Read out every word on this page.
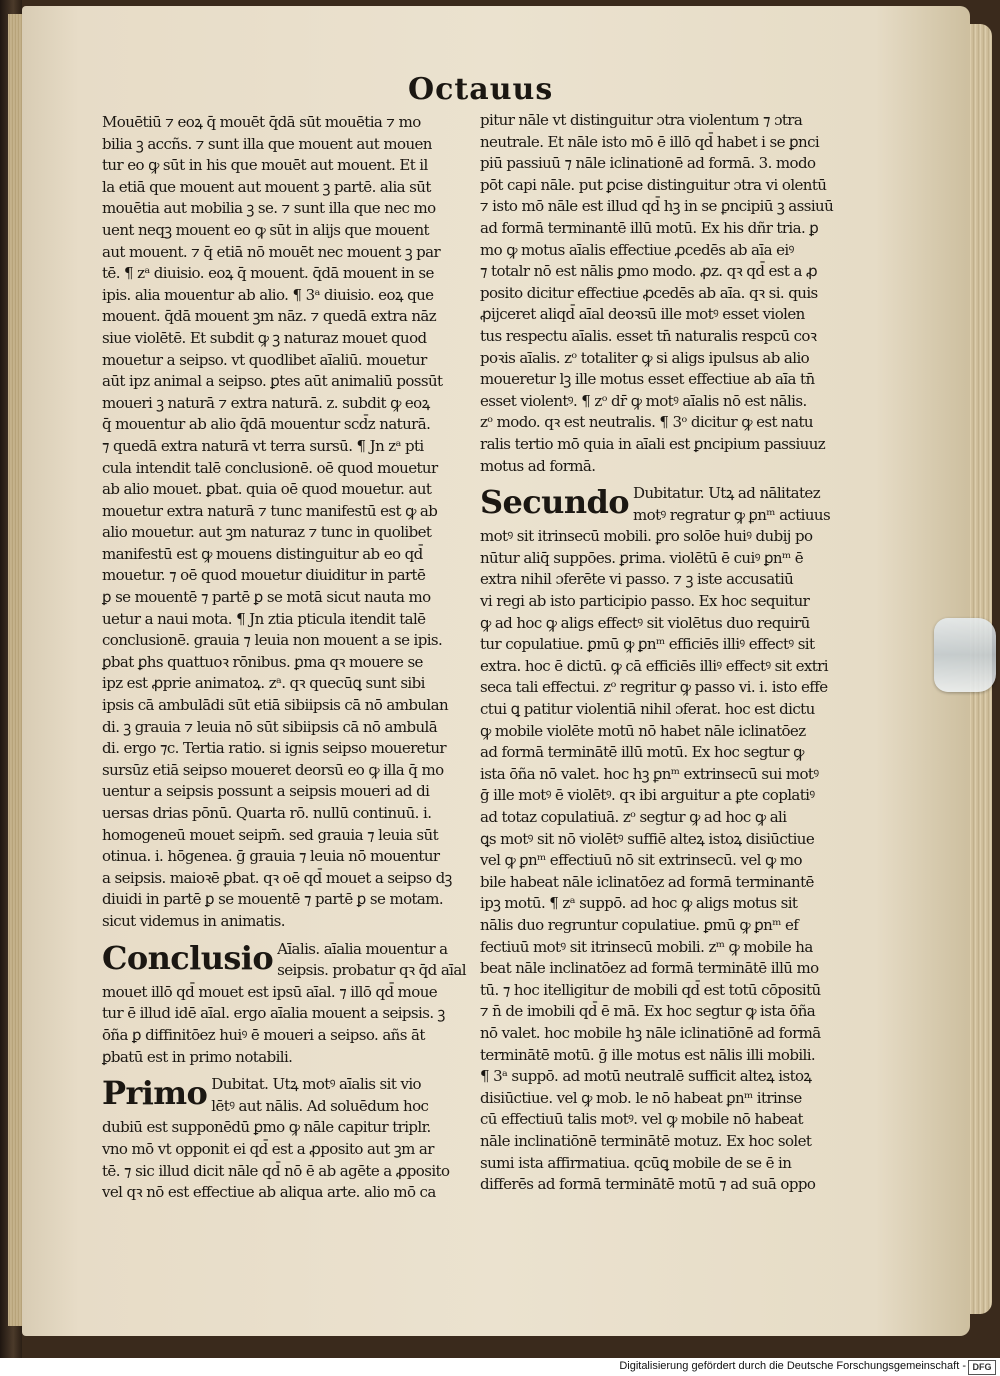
Octauus
Mouētiū ⁊ eoꝝ q̄ mouēt q̄dā sūt mouētia ⁊ mo
bilia ꝫ accñs. ⁊ sunt illa que mouent aut mouen
tur eo ꝙ sūt in his que mouēt aut mouent. Et il
la etiā que mouent aut mouent ꝫ partē. alia sūt
mouētia aut mobilia ꝫ se. ⁊ sunt illa que nec mo
uent neqꝫ mouent eo ꝙ sūt in alijs que mouent
aut mouent. ⁊ q̄ etiā nō mouēt nec mouent ꝫ par
tē. ¶ zᵃ diuisio. eoꝝ q̄ mouent. q̄dā mouent in se
ipis. alia mouentur ab alio. ¶ 3ᵃ diuisio. eoꝝ que
mouent. q̄dā mouent ꝫm nāz. ⁊ quedā extra nāz
siue violētē. Et subdit ꝙ ꝫ naturaz mouet quod
mouetur a seipso. vt quodlibet aīaliū. mouetur
aūt ipz animal a seipso. ꝑtes aūt animaliū possūt
moueri ꝫ naturā ⁊ extra naturā. z. subdit ꝙ eoꝝ
q̄ mouentur ab alio q̄dā mouentur scd̄z naturā.
⁊ quedā extra naturā vt terra sursū. ¶ Jn zᵃ pti
cula intendit talē conclusionē. oē quod mouetur
ab alio mouet. ꝑbat. quia oē quod mouetur. aut
mouetur extra naturā ⁊ tunc manifestū est ꝙ ab
alio mouetur. aut ꝫm naturaz ⁊ tunc in quolibet
manifestū est ꝙ mouens distinguitur ab eo qd̄
mouetur. ⁊ oē quod mouetur diuiditur in partē
ꝑ se mouentē ⁊ partē ꝑ se motā sicut nauta mo
uetur a naui mota. ¶ Jn ztia pticula itendit talē
conclusionē. grauia ⁊ leuia non mouent a se ipis.
ꝑbat ꝑhs quattuoꝛ rōnibus. ꝑma qꝛ mouere se
ipz est ꝓprie animatoꝝ. zᵃ. qꝛ quecūꝗ sunt sibi
ipsis cā ambulādi sūt etiā sibiipsis cā nō ambulan
di. ꝫ grauia ⁊ leuia nō sūt sibiipsis cā nō ambulā
di. ergo ⁊c. Tertia ratio. si ignis seipso moueretur
sursūz etiā seipso moueret deorsū eo ꝙ illa q̄ mo
uentur a seipsis possunt a seipsis moueri ad di
uersas drias pōnū. Quarta rō. nullū continuū. i.
homogeneū mouet seipm̄. sed grauia ⁊ leuia sūt
otinua. i. hōgenea. ḡ grauia ⁊ leuia nō mouentur
a seipsis. maioꝛē ꝑbat. qꝛ oē qd̄ mouet a seipso dꝫ
diuidi in partē ꝑ se mouentē ⁊ partē ꝑ se motam.
sicut videmus in animatis.
Conclusio Aīalis. aīalia mouentur a
seipsis. probatur qꝛ q̄d aīal
mouet illō qd̄ mouet est ipsū aīal. ⁊ illō qd̄ moue
tur ē illud idē aīal. ergo aīalia mouent a seipsis. ꝫ
ōña ꝑ diffinitōez huiꝰ ē moueri a seipso. añs āt
ꝑbatū est in primo notabili.
Primo Dubitat. Utꝝ motꝰ aīalis sit vio
lētꝰ aut nālis. Ad soluēdum hoc
dubiū est supponēdū ꝑmo ꝙ nāle capitur triplr.
vno mō vt opponit ei qd̄ est a ꝓposito aut ꝫm ar
tē. ⁊ sic illud dicit nāle qd̄ nō ē ab agēte a ꝓposito
vel qꝛ nō est effectiue ab aliqua arte. alio mō ca
pitur nāle vt distinguitur ɔtra violentum ⁊ ɔtra
neutrale. Et nāle isto mō ē illō qd̄ habet i se ꝑnci
piū passiuū ⁊ nāle iclinationē ad formā. 3. modo
pōt capi nāle. put ꝑcise distinguitur ɔtra vi olentū
⁊ isto mō nāle est illud qd̄ hꝫ in se ꝑncipiū ꝫ assiuū
ad formā terminantē illū motū. Ex his dñr tria. ꝑ
mo ꝙ motus aīalis effectiue ꝓcedēs ab aīa eiꝰ
⁊ totalr nō est nālis ꝑmo modo. ꝓz. qꝛ qd̄ est a ꝓ
posito dicitur effectiue ꝓcedēs ab aīa. qꝛ si. quis
ꝓijceret aliqd̄ aīal deoꝛsū ille motꝰ esset violen
tus respectu aīalis. esset tn̄ naturalis respcū coꝛ
poꝛis aīalis. zᵒ totaliter ꝙ si aligs ipulsus ab alio
moueretur lꝫ ille motus esset effectiue ab aīa tn̄
esset violentꝰ. ¶ zᵒ dr̄ ꝙ motꝰ aīalis nō est nālis.
zᵒ modo. qꝛ est neutralis. ¶ 3ᵒ dicitur ꝙ est natu
ralis tertio mō quia in aīali est ꝑncipium passiuuz
motus ad formā.
Secundo Dubitatur. Utꝝ ad nālitatez
motꝰ regratur ꝙ ꝑnᵐ actiuus
motꝰ sit itrinsecū mobili. ꝑro solōe huiꝰ dubij po
nūtur aliq̄ suppōes. ꝑrima. violētū ē cuiꝰ ꝑnᵐ ē
extra nihil ɔferēte vi passo. ⁊ ꝫ iste accusatiū
vi regi ab isto participio passo. Ex hoc sequitur
ꝙ ad hoc ꝙ aligs effectꝰ sit violētus duo requirū
tur copulatiue. ꝑmū ꝙ ꝑnᵐ efficiēs illiꝰ effectꝰ sit
extra. hoc ē dictū. ꝙ cā efficiēs illiꝰ effectꝰ sit extri
seca tali effectui. zᵒ regritur ꝙ passo vi. i. isto effe
ctui ꝗ patitur violentiā nihil ɔferat. hoc est dictu
ꝙ mobile violēte motū nō habet nāle iclinatōez
ad formā terminātē illū motū. Ex hoc segtur ꝙ
ista ōña nō valet. hoc hꝫ ꝑnᵐ extrinsecū sui motꝰ
ḡ ille motꝰ ē violētꝰ. qꝛ ibi arguitur a ꝑte coplatiꝰ
ad totaz copulatiuā. zᵒ segtur ꝙ ad hoc ꝙ ali
ꝗs motꝰ sit nō violētꝰ suffiē alteꝝ istoꝝ disiūctiue
vel ꝙ ꝑnᵐ effectiuū nō sit extrinsecū. vel ꝙ mo
bile habeat nāle iclinatōez ad formā terminantē
ipꝫ motū. ¶ zᵃ suppō. ad hoc ꝙ aligs motus sit
nālis duo regruntur copulatiue. ꝑmū ꝙ ꝑnᵐ ef
fectiuū motꝰ sit itrinsecū mobili. zᵐ ꝙ mobile ha
beat nāle inclinatōez ad formā terminātē illū mo
tū. ⁊ hoc itelligitur de mobili qd̄ est totū cōpositū
⁊ n̄ de imobili qd̄ ē mā. Ex hoc segtur ꝙ ista ōña
nō valet. hoc mobile hꝫ nāle iclinatiōnē ad formā
terminātē motū. ḡ ille motus est nālis illi mobili.
¶ 3ᵃ suppō. ad motū neutralē sufficit alteꝝ istoꝝ
disiūctiue. vel ꝙ mob. le nō habeat ꝑnᵐ itrinse
cū effectiuū talis motꝰ. vel ꝙ mobile nō habeat
nāle inclinatiōnē terminātē motuz. Ex hoc solet
sumi ista affirmatiua. qcūꝗ mobile de se ē in
differēs ad formā terminātē motū ⁊ ad suā oppo
Digitalisierung gefördert durch die Deutsche Forschungsgemeinschaft - DFG
